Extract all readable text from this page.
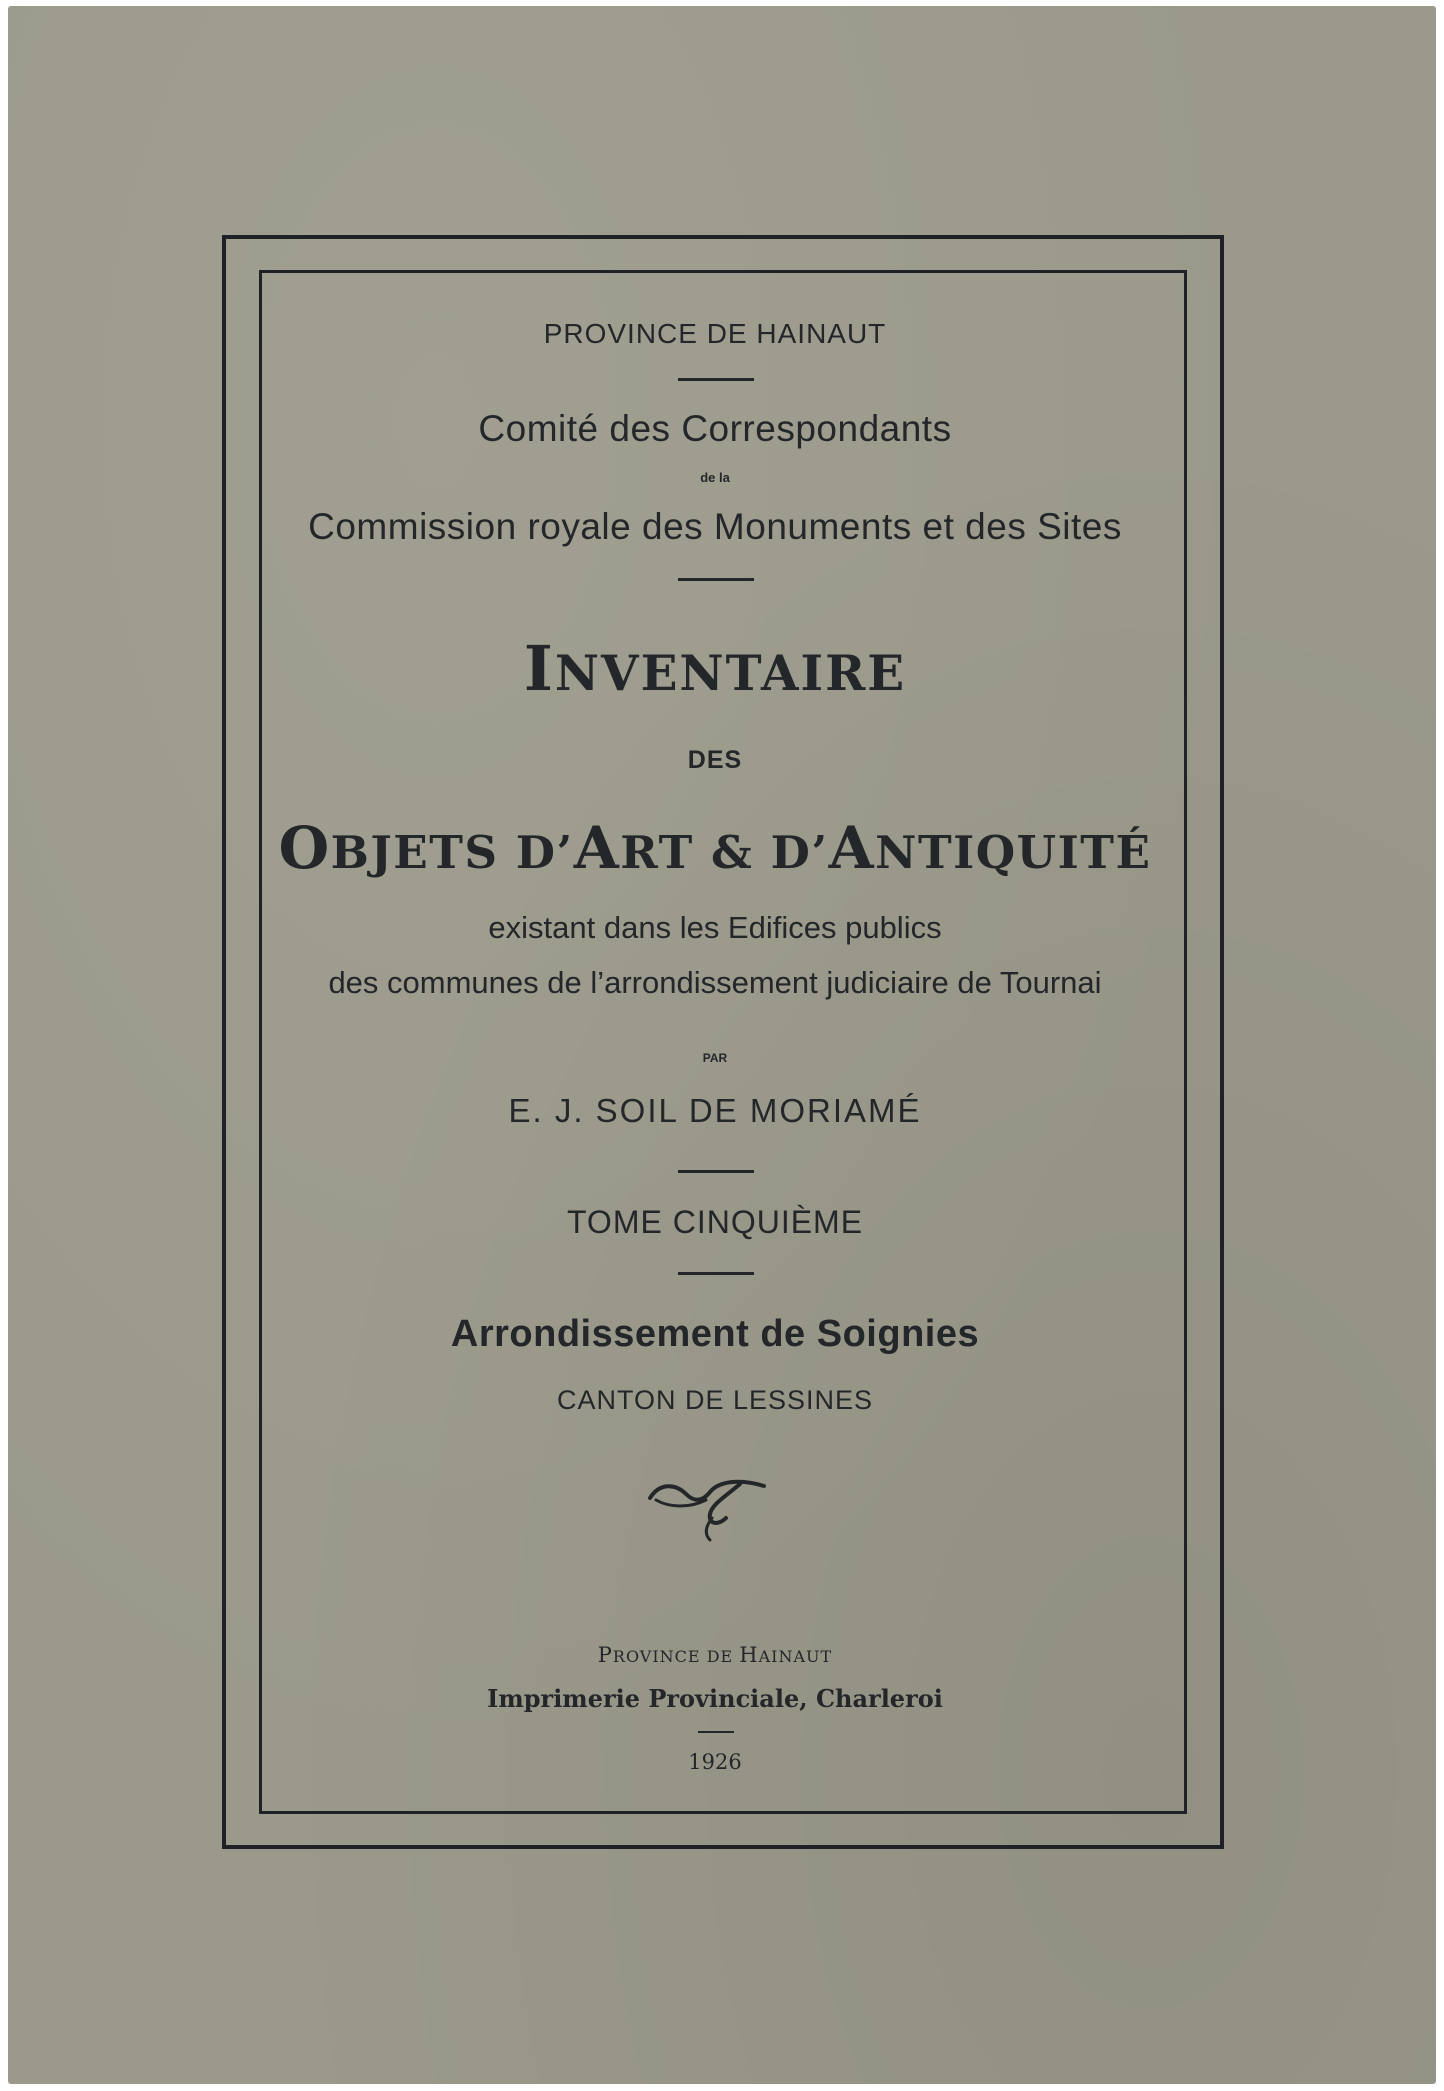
PROVINCE DE HAINAUT
Comité des Correspondants
de la
Commission royale des Monuments et des Sites
INVENTAIRE
DES
OBJETS D’ART & D’ANTIQUITÉ
existant dans les Edifices publics
des communes de l’arrondissement judiciaire de Tournai
PAR
E. J. SOIL DE MORIAMÉ
TOME CINQUIÈME
Arrondissement de Soignies
CANTON DE LESSINES
PROVINCE DE HAINAUT
Imprimerie Provinciale, Charleroi
1926
